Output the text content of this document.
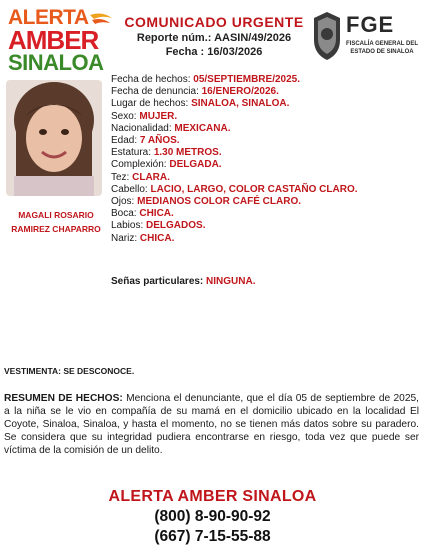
ALERTA
AMBER
SINALOA
COMUNICADO URGENTE
Reporte núm.: AASIN/49/2026
Fecha : 16/03/2026
FGE
FISCALÍA GENERAL DEL ESTADO DE SINALOA
MAGALI ROSARIO
RAMIREZ CHAPARRO
Fecha de hechos: 05/SEPTIEMBRE/2025.
Fecha de denuncia: 16/ENERO/2026.
Lugar de hechos: SINALOA, SINALOA.
Sexo: MUJER.
Nacionalidad: MEXICANA.
Edad: 7 AÑOS.
Estatura: 1.30 METROS.
Complexión: DELGADA.
Tez: CLARA.
Cabello: LACIO, LARGO, COLOR CASTAÑO CLARO.
Ojos: MEDIANOS COLOR CAFÉ CLARO.
Boca: CHICA.
Labios: DELGADOS.
Nariz: CHICA.
Señas particulares: NINGUNA.
VESTIMENTA: SE DESCONOCE.
RESUMEN DE HECHOS: Menciona el denunciante, que el día 05 de septiembre de 2025, a la niña se le vio en compañía de su mamá en el domicilio ubicado en la localidad El Coyote, Sinaloa, Sinaloa, y hasta el momento, no se tienen más datos sobre su paradero. Se considera que su integridad pudiera encontrarse en riesgo, toda vez que puede ser víctima de la comisión de un delito.
ALERTA AMBER SINALOA
(800) 8-90-90-92
(667) 7-15-55-88
